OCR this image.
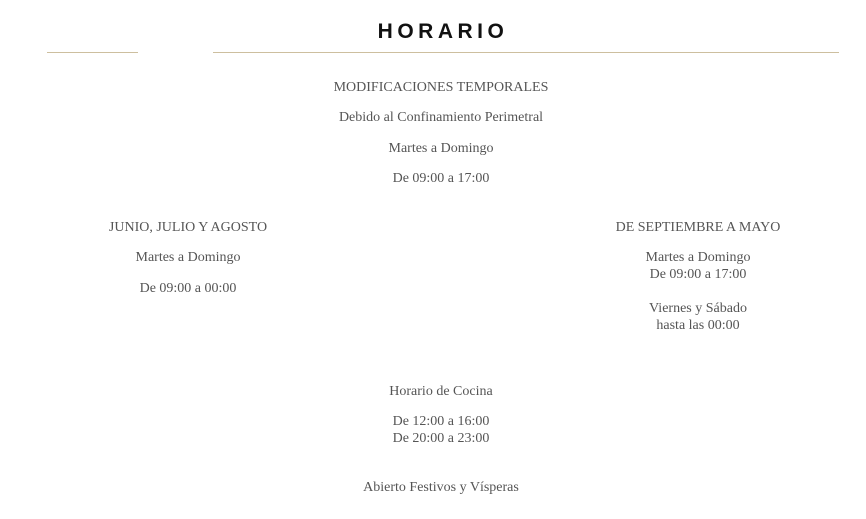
HORARIO
MODIFICACIONES TEMPORALES
Debido al Confinamiento Perimetral
Martes a Domingo
De 09:00 a 17:00
JUNIO, JULIO Y AGOSTO
Martes a Domingo
De 09:00 a 00:00
DE SEPTIEMBRE A MAYO
Martes a Domingo
De 09:00 a 17:00
Viernes y Sábado
hasta las 00:00
Horario de Cocina
De 12:00 a 16:00
De 20:00 a 23:00
Abierto Festivos y Vísperas
